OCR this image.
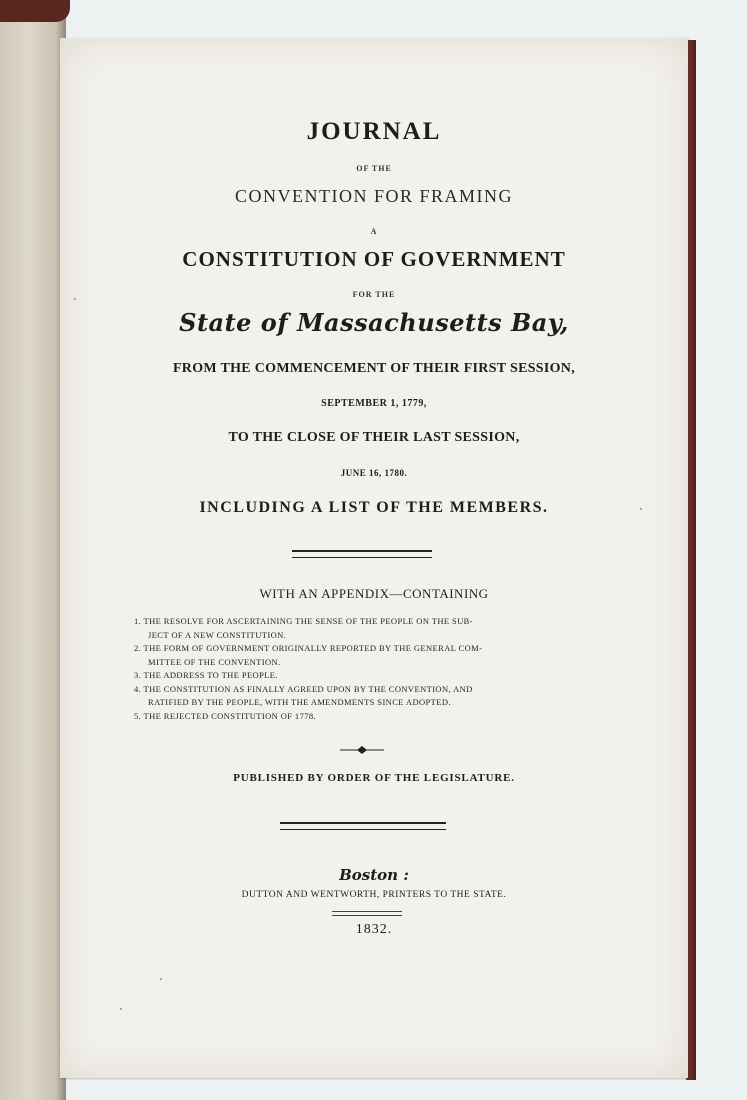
JOURNAL
OF THE
CONVENTION FOR FRAMING
A
CONSTITUTION OF GOVERNMENT
FOR THE
State of Massachusetts Bay,
FROM THE COMMENCEMENT OF THEIR FIRST SESSION,
SEPTEMBER 1, 1779,
TO THE CLOSE OF THEIR LAST SESSION,
JUNE 16, 1780.
INCLUDING A LIST OF THE MEMBERS.
WITH AN APPENDIX—CONTAINING
1. THE RESOLVE FOR ASCERTAINING THE SENSE OF THE PEOPLE ON THE SUB-
JECT OF A NEW CONSTITUTION.
2. THE FORM OF GOVERNMENT ORIGINALLY REPORTED BY THE GENERAL COM-
MITTEE OF THE CONVENTION.
3. THE ADDRESS TO THE PEOPLE.
4. THE CONSTITUTION AS FINALLY AGREED UPON BY THE CONVENTION, AND
RATIFIED BY THE PEOPLE, WITH THE AMENDMENTS SINCE ADOPTED.
5. THE REJECTED CONSTITUTION OF 1778.
PUBLISHED BY ORDER OF THE LEGISLATURE.
Boston :
DUTTON AND WENTWORTH, PRINTERS TO THE STATE.
1832.
